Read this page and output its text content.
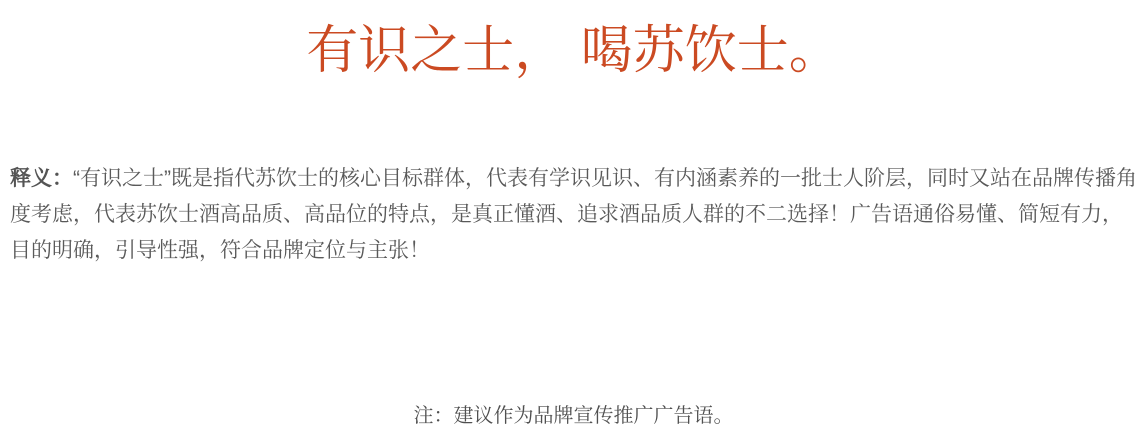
有识之士， 喝苏饮士。

释义：“有识之士”既是指代苏饮士的核心目标群体，代表有学识见识、有内涵素养的一批士人阶层，同时又站在品牌传播角度考虑，代表苏饮士酒高品质、高品位的特点，是真正懂酒、追求酒品质人群的不二选择！广告语通俗易懂、简短有力，目的明确，引导性强，符合品牌定位与主张！

注：建议作为品牌宣传推广广告语。
